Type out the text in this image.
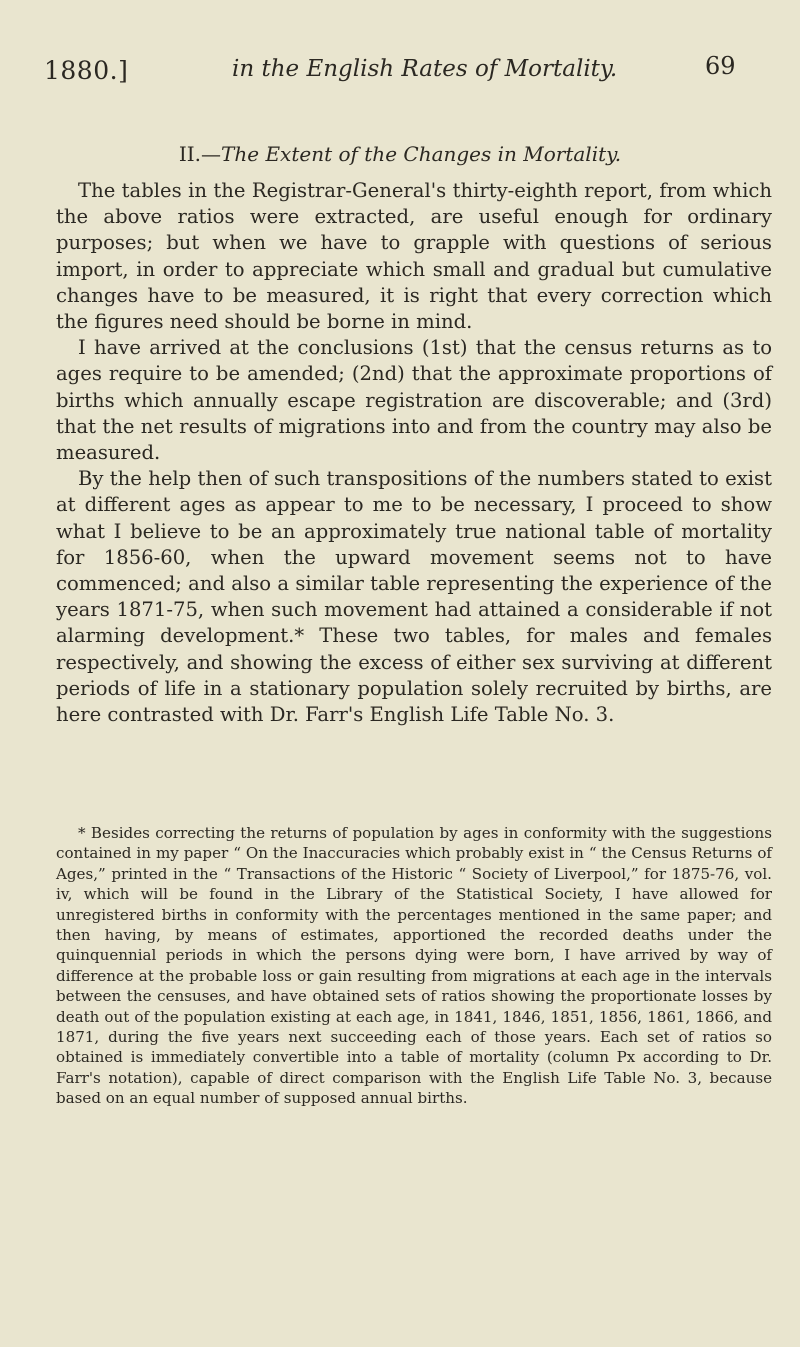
1880.]	in the English Rates of Mortality.	69
II.—The Extent of the Changes in Mortality.

The tables in the Registrar-General's thirty-eighth report, from which the above ratios were extracted, are useful enough for ordinary purposes; but when we have to grapple with questions of serious import, in order to appreciate which small and gradual but cumulative changes have to be measured, it is right that every correction which the figures need should be borne in mind.

I have arrived at the conclusions (1st) that the census returns as to ages require to be amended; (2nd) that the approximate proportions of births which annually escape registration are discoverable; and (3rd) that the net results of migrations into and from the country may also be measured.

By the help then of such transpositions of the numbers stated to exist at different ages as appear to me to be necessary, I proceed to show what I believe to be an approximately true national table of mortality for 1856-60, when the upward movement seems not to have commenced; and also a similar table representing the experience of the years 1871-75, when such movement had attained a considerable if not alarming development.* These two tables, for males and females respectively, and showing the excess of either sex surviving at different periods of life in a stationary population solely recruited by births, are here contrasted with Dr. Farr's English Life Table No. 3.

* Besides correcting the returns of population by ages in conformity with the suggestions contained in my paper “ On the Inaccuracies which probably exist in “ the Census Returns of Ages,” printed in the “ Transactions of the Historic “ Society of Liverpool,” for 1875-76, vol. iv, which will be found in the Library of the Statistical Society, I have allowed for unregistered births in conformity with the percentages mentioned in the same paper; and then having, by means of estimates, apportioned the recorded deaths under the quinquennial periods in which the persons dying were born, I have arrived by way of difference at the probable loss or gain resulting from migrations at each age in the intervals between the censuses, and have obtained sets of ratios showing the proportionate losses by death out of the population existing at each age, in 1841, 1846, 1851, 1856, 1861, 1866, and 1871, during the five years next succeeding each of those years. Each set of ratios so obtained is immediately convertible into a table of mortality (column Px according to Dr. Farr's notation), capable of direct comparison with the English Life Table No. 3, because based on an equal number of supposed annual births.
